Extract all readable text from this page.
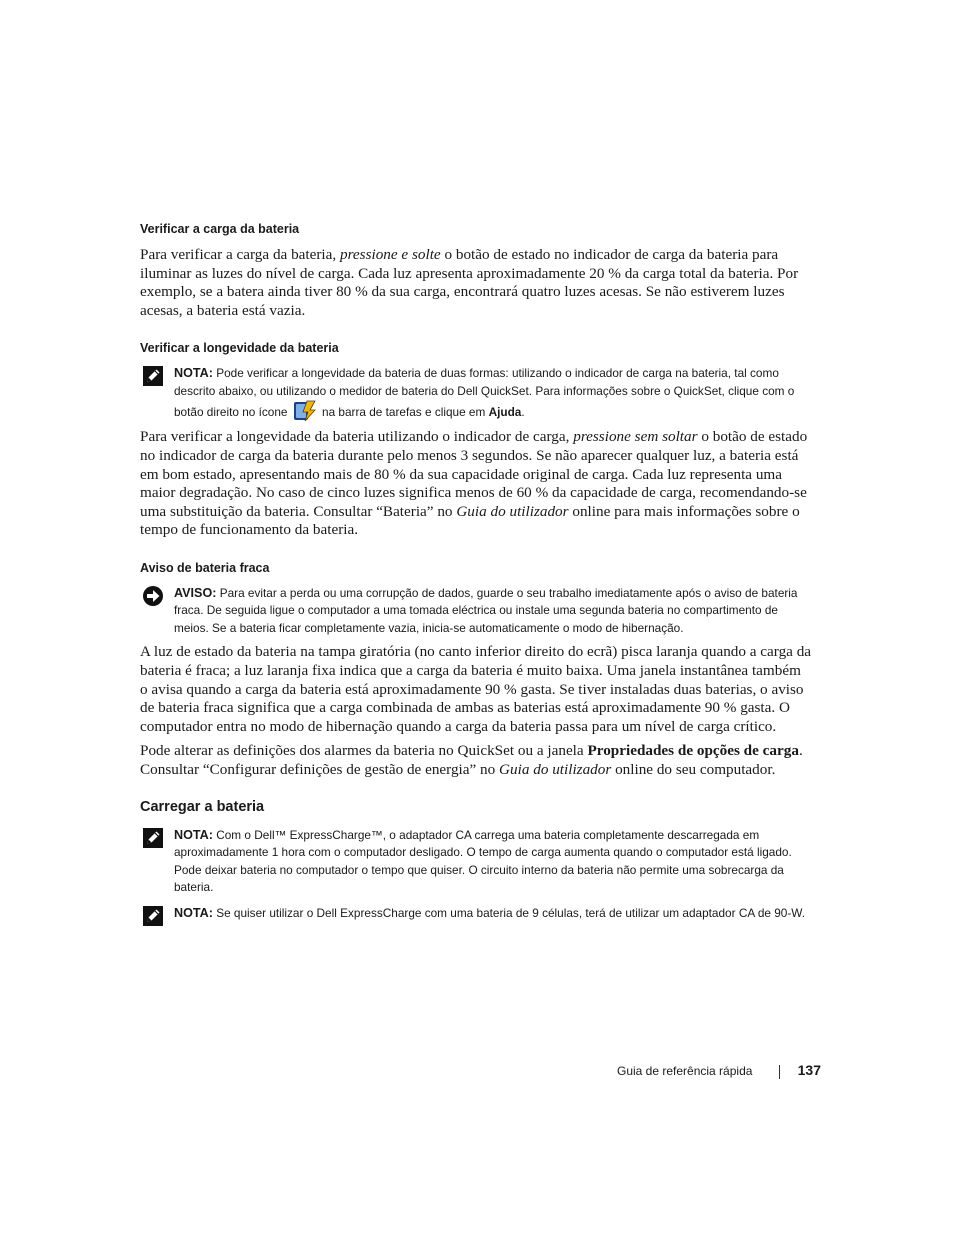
Verificar a carga da bateria

Para verificar a carga da bateria, pressione e solte o botão de estado no indicador de carga da bateria para iluminar as luzes do nível de carga. Cada luz apresenta aproximadamente 20 % da carga total da bateria. Por exemplo, se a batera ainda tiver 80 % da sua carga, encontrará quatro luzes acesas. Se não estiverem luzes acesas, a bateria está vazia.

Verificar a longevidade da bateria
NOTA: Pode verificar a longevidade da bateria de duas formas: utilizando o indicador de carga na bateria, tal como descrito abaixo, ou utilizando o medidor de bateria do Dell QuickSet. Para informações sobre o QuickSet, clique com o botão direito no ícone  na barra de tarefas e clique em Ajuda.

Para verificar a longevidade da bateria utilizando o indicador de carga, pressione sem soltar o botão de estado no indicador de carga da bateria durante pelo menos 3 segundos. Se não aparecer qualquer luz, a bateria está em bom estado, apresentando mais de 80 % da sua capacidade original de carga. Cada luz representa uma maior degradação. No caso de cinco luzes significa menos de 60 % da capacidade de carga, recomendando-se uma substituição da bateria. Consultar “Bateria” no Guia do utilizador online para mais informações sobre o tempo de funcionamento da bateria.

Aviso de bateria fraca
AVISO: Para evitar a perda ou uma corrupção de dados, guarde o seu trabalho imediatamente após o aviso de bateria fraca. De seguida ligue o computador a uma tomada eléctrica ou instale uma segunda bateria no compartimento de meios. Se a bateria ficar completamente vazia, inicia-se automaticamente o modo de hibernação.

A luz de estado da bateria na tampa giratória (no canto inferior direito do ecrã) pisca laranja quando a carga da bateria é fraca; a luz laranja fixa indica que a carga da bateria é muito baixa. Uma janela instantânea também o avisa quando a carga da bateria está aproximadamente 90 % gasta. Se tiver instaladas duas baterias, o aviso de bateria fraca significa que a carga combinada de ambas as baterias está aproximadamente 90 % gasta. O computador entra no modo de hibernação quando a carga da bateria passa para um nível de carga crítico.

Pode alterar as definições dos alarmes da bateria no QuickSet ou a janela Propriedades de opções de carga. Consultar “Configurar definições de gestão de energia” no Guia do utilizador online do seu computador.

Carregar a bateria
NOTA: Com o Dell™ ExpressCharge™, o adaptador CA carrega uma bateria completamente descarregada em aproximadamente 1 hora com o computador desligado. O tempo de carga aumenta quando o computador está ligado. Pode deixar bateria no computador o tempo que quiser. O circuito interno da bateria não permite uma sobrecarga da bateria.
NOTA: Se quiser utilizar o Dell ExpressCharge com uma bateria de 9 células, terá de utilizar um adaptador CA de 90-W.
Guia de referência rápida	137
